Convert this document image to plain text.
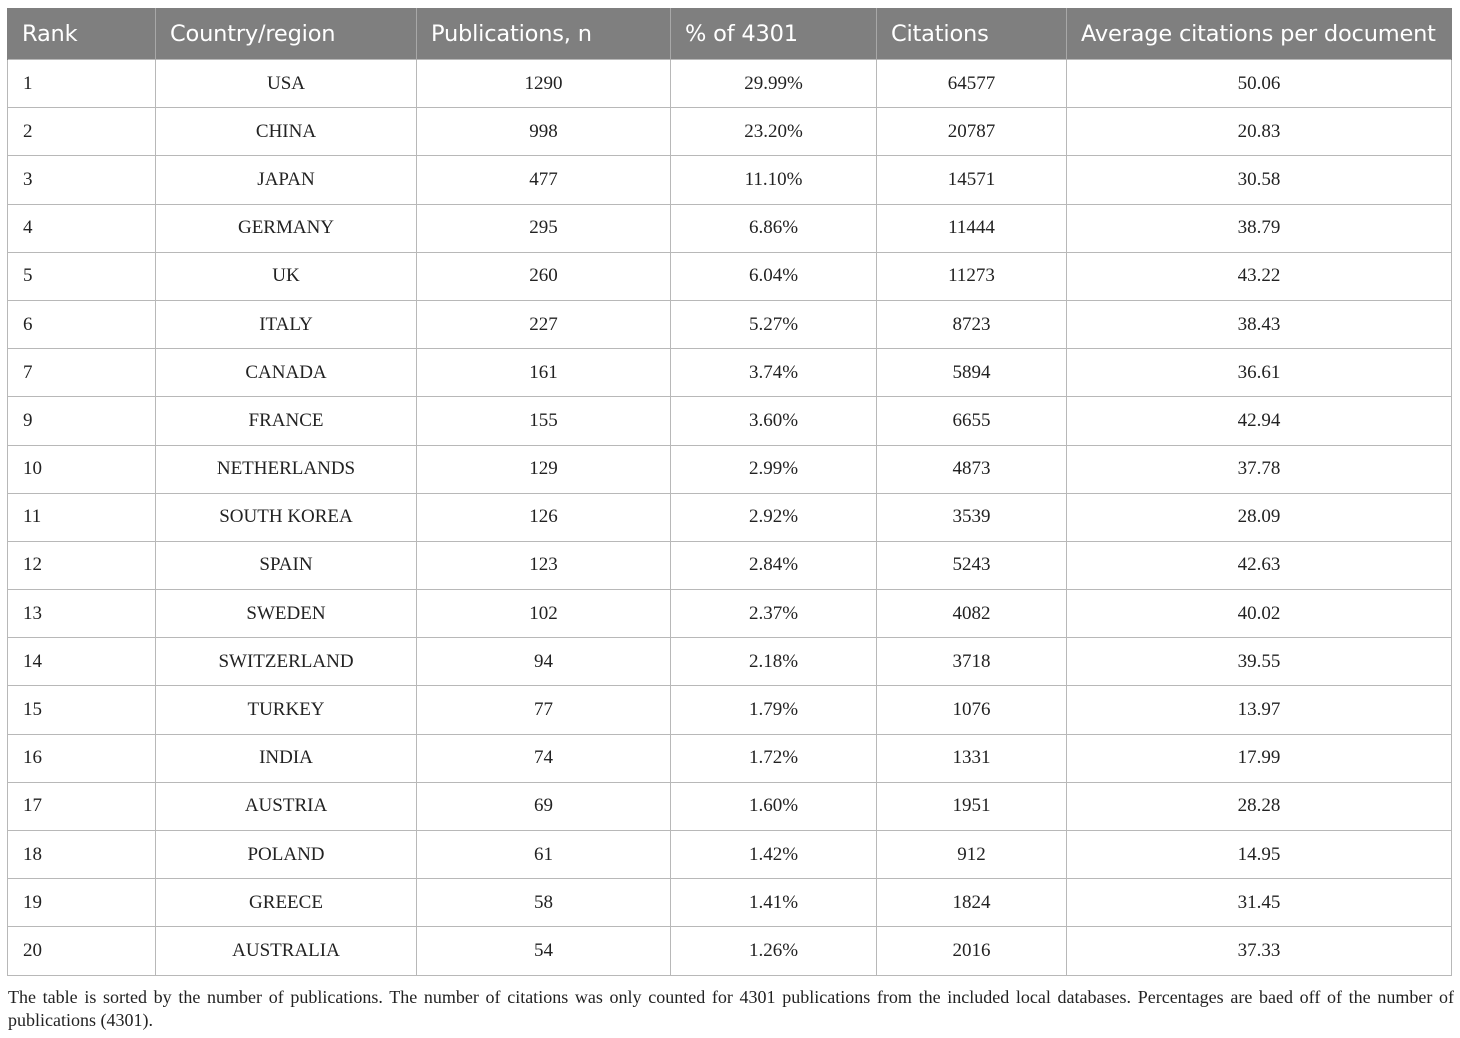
Rank	Country/region	Publications, n	% of 4301	Citations	Average citations per document
1	USA	1290	29.99%	64577	50.06
2	CHINA	998	23.20%	20787	20.83
3	JAPAN	477	11.10%	14571	30.58
4	GERMANY	295	6.86%	11444	38.79
5	UK	260	6.04%	11273	43.22
6	ITALY	227	5.27%	8723	38.43
7	CANADA	161	3.74%	5894	36.61
9	FRANCE	155	3.60%	6655	42.94
10	NETHERLANDS	129	2.99%	4873	37.78
11	SOUTH KOREA	126	2.92%	3539	28.09
12	SPAIN	123	2.84%	5243	42.63
13	SWEDEN	102	2.37%	4082	40.02
14	SWITZERLAND	94	2.18%	3718	39.55
15	TURKEY	77	1.79%	1076	13.97
16	INDIA	74	1.72%	1331	17.99
17	AUSTRIA	69	1.60%	1951	28.28
18	POLAND	61	1.42%	912	14.95
19	GREECE	58	1.41%	1824	31.45
20	AUSTRALIA	54	1.26%	2016	37.33
The table is sorted by the number of publications. The number of citations was only counted for 4301 publications from the included local databases. Percentages are baed off of the number of publications (4301).
